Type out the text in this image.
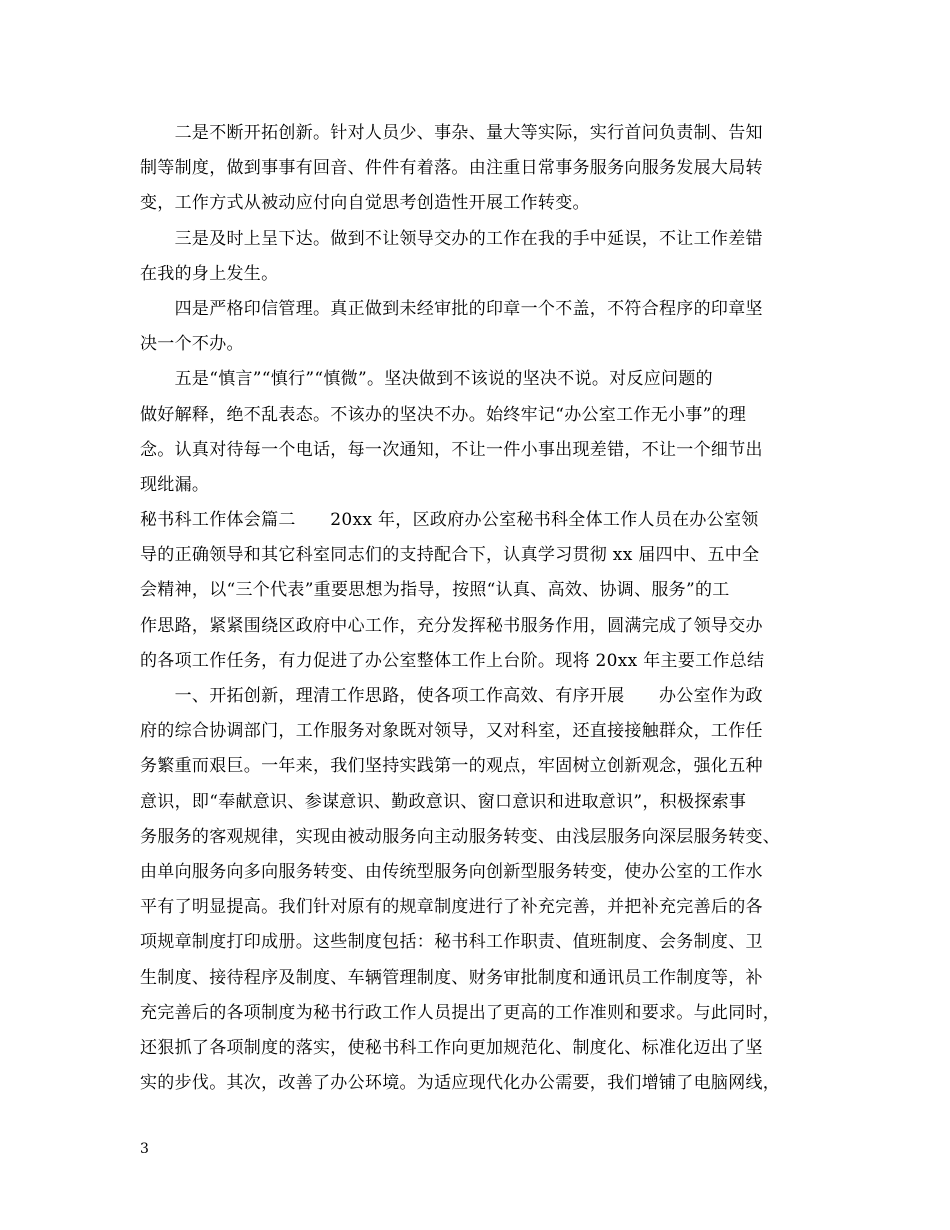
　　二是不断开拓创新。针对人员少、事杂、量大等实际，实行首问负责制、告知
制等制度，做到事事有回音、件件有着落。由注重日常事务服务向服务发展大局转
变，工作方式从被动应付向自觉思考创造性开展工作转变。
　　三是及时上呈下达。做到不让领导交办的工作在我的手中延误，不让工作差错
在我的身上发生。
　　四是严格印信管理。真正做到未经审批的印章一个不盖，不符合程序的印章坚
决一个不办。
　　五是“慎言”“慎行”“慎微”。坚决做到不该说的坚决不说。对反应问题的
做好解释，绝不乱表态。不该办的坚决不办。始终牢记“办公室工作无小事”的理
念。认真对待每一个电话，每一次通知，不让一件小事出现差错，不让一个细节出
现纰漏。
秘书科工作体会篇二　　20xx 年，区政府办公室秘书科全体工作人员在办公室领
导的正确领导和其它科室同志们的支持配合下，认真学习贯彻 xx 届四中、五中全
会精神，以“三个代表”重要思想为指导，按照“认真、高效、协调、服务”的工
作思路，紧紧围绕区政府中心工作，充分发挥秘书服务作用，圆满完成了领导交办
的各项工作任务，有力促进了办公室整体工作上台阶。现将 20xx 年主要工作总结
　　一、开拓创新，理清工作思路，使各项工作高效、有序开展　　办公室作为政
府的综合协调部门，工作服务对象既对领导，又对科室，还直接接触群众，工作任
务繁重而艰巨。一年来，我们坚持实践第一的观点，牢固树立创新观念，强化五种
意识，即“奉献意识、参谋意识、勤政意识、窗口意识和进取意识”，积极探索事
务服务的客观规律，实现由被动服务向主动服务转变、由浅层服务向深层服务转变、
由单向服务向多向服务转变、由传统型服务向创新型服务转变，使办公室的工作水
平有了明显提高。我们针对原有的规章制度进行了补充完善，并把补充完善后的各
项规章制度打印成册。这些制度包括：秘书科工作职责、值班制度、会务制度、卫
生制度、接待程序及制度、车辆管理制度、财务审批制度和通讯员工作制度等，补
充完善后的各项制度为秘书行政工作人员提出了更高的工作准则和要求。与此同时，
还狠抓了各项制度的落实，使秘书科工作向更加规范化、制度化、标准化迈出了坚
实的步伐。其次，改善了办公环境。为适应现代化办公需要，我们增铺了电脑网线，
3
